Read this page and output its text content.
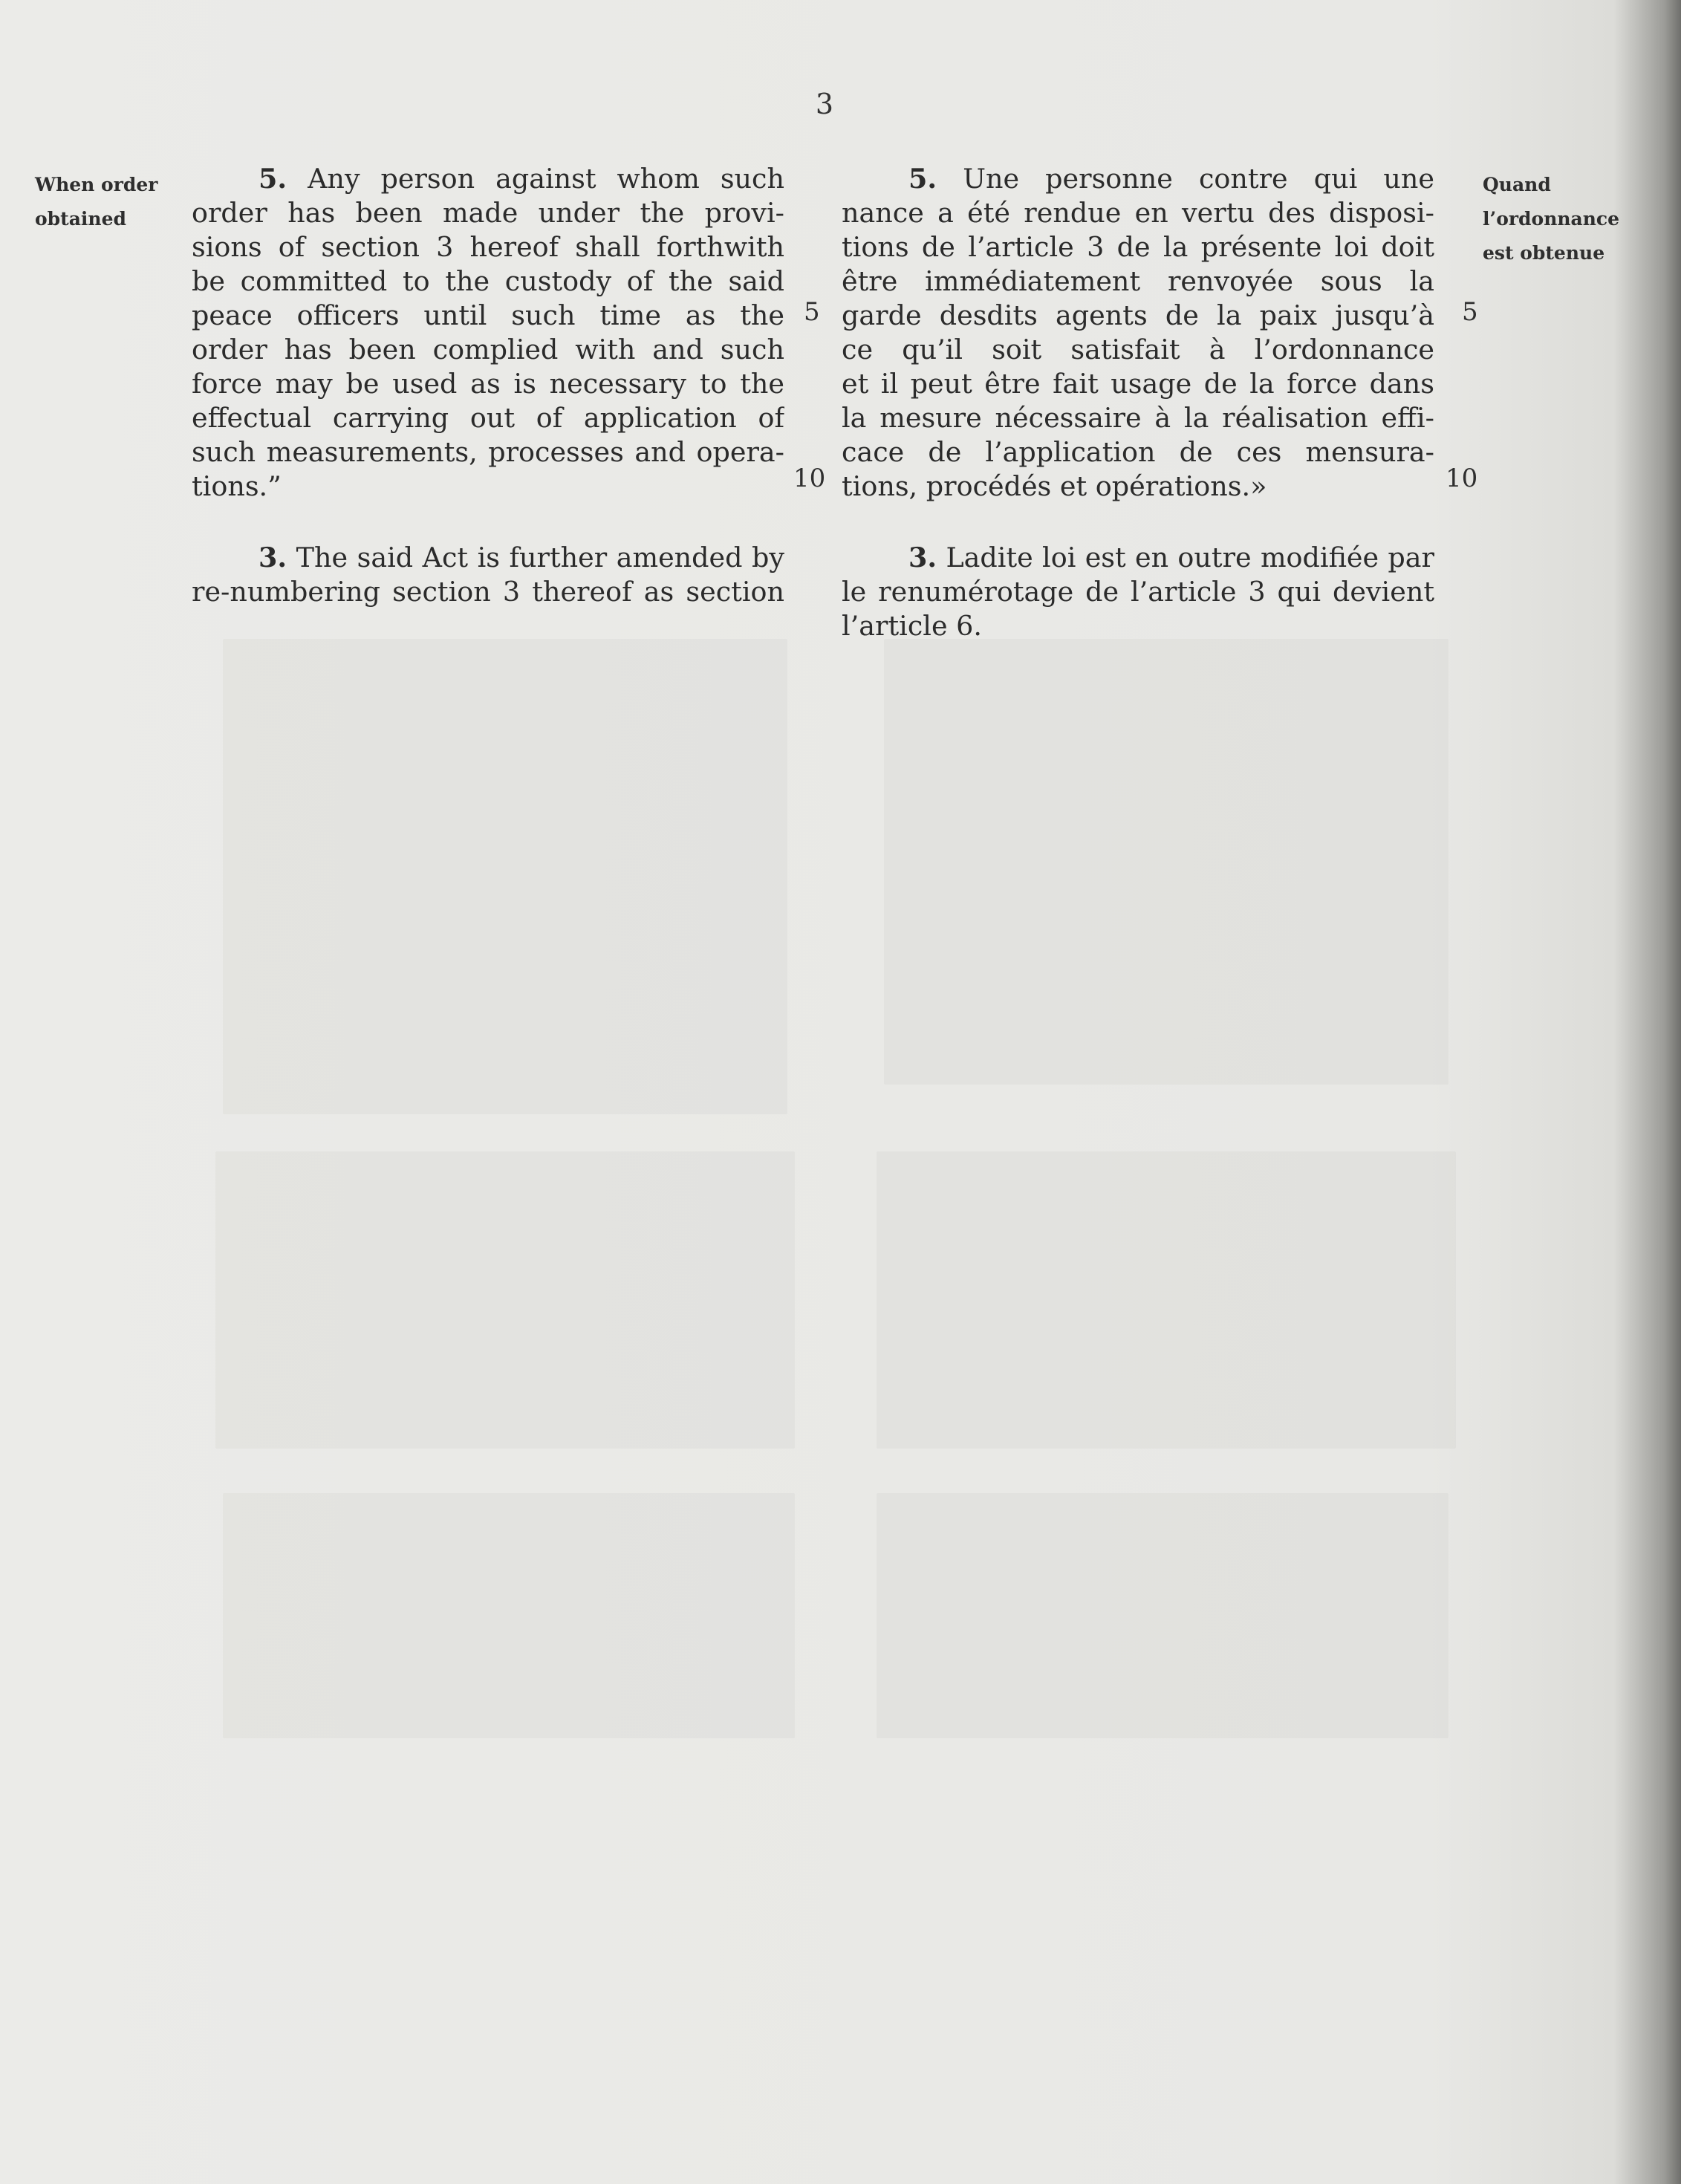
3
When order
obtained
Quand
l’ordonnance
est obtenue
5. Any person against whom such
order has been made under the provi-
sions of section 3 hereof shall forthwith
be committed to the custody of the said
peace officers until such time as the
order has been complied with and such
force may be used as is necessary to the
effectual carrying out of application of
such measurements, processes and opera-
tions.”
3. The said Act is further amended by
re-numbering section 3 thereof as section
5. Une personne contre qui une
nance a été rendue en vertu des disposi-
tions de l’article 3 de la présente loi doit
être immédiatement renvoyée sous la
garde desdits agents de la paix jusqu’à
ce qu’il soit satisfait à l’ordonnance
et il peut être fait usage de la force dans
la mesure nécessaire à la réalisation effi-
cace de l’application de ces mensura-
tions, procédés et opérations.»
3. Ladite loi est en outre modifiée par
le renumérotage de l’article 3 qui devient
l’article 6.
5
10
5
10
